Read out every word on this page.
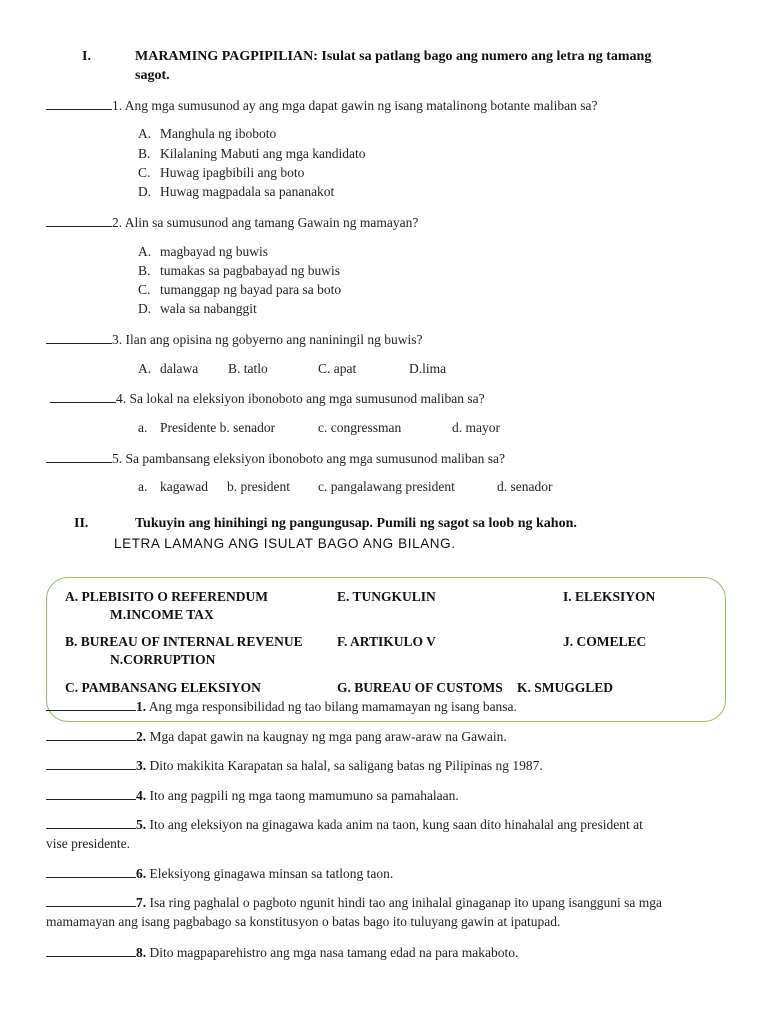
I.	MARAMING PAGPIPILIAN: Isulat sa patlang bago ang numero ang letra ng tamang
sagot.
1. Ang mga sumusunod ay ang mga dapat gawin ng isang matalinong botante maliban sa?
A. Manghula ng iboboto
B. Kilalaning Mabuti ang mga kandidato
C. Huwag ipagbibili ang boto
D. Huwag magpadala sa pananakot
2. Alin sa sumusunod ang tamang Gawain ng mamayan?
A. magbayad ng buwis
B. tumakas sa pagbabayad ng buwis
C. tumanggap ng bayad para sa boto
D. wala sa nabanggit
3. Ilan ang opisina ng gobyerno ang naniningil ng buwis?
A. dalawa B. tatlo	C. apat	D.lima
4. Sa lokal na eleksiyon ibonoboto ang mga sumusunod maliban sa?
a. Presidente b. senador	c. congressman	d. mayor
5. Sa pambansang eleksiyon ibonoboto ang mga sumusunod maliban sa?
a. kagawad b. president c. pangalawang president	d. senador
II.	Tukuyin ang hinihingi ng pangungusap. Pumili ng sagot sa loob ng kahon.
LETRA LAMANG ANG ISULAT BAGO ANG BILANG.
A. PLEBISITO O REFERENDUM	E. TUNGKULIN	I. ELEKSIYON
M.INCOME TAX
B. BUREAU OF INTERNAL REVENUE	F. ARTIKULO V	J. COMELEC
N.CORRUPTION
C. PAMBANSANG ELEKSIYON	G. BUREAU OF CUSTOMS K. SMUGGLED
1. Ang mga responsibilidad ng tao bilang mamamayan ng isang bansa.
2. Mga dapat gawin na kaugnay ng mga pang araw-araw na Gawain.
3. Dito makikita Karapatan sa halal, sa saligang batas ng Pilipinas ng 1987.
4. Ito ang pagpili ng mga taong mamumuno sa pamahalaan.
5. Ito ang eleksiyon na ginagawa kada anim na taon, kung saan dito hinahalal ang president at
vise presidente.
6. Eleksiyong ginagawa minsan sa tatlong taon.
7. Isa ring paghalal o pagboto ngunit hindi tao ang inihalal ginaganap ito upang isangguni sa mga
mamamayan ang isang pagbabago sa konstitusyon o batas bago ito tuluyang gawin at ipatupad.
8. Dito magpaparehistro ang mga nasa tamang edad na para makaboto.
